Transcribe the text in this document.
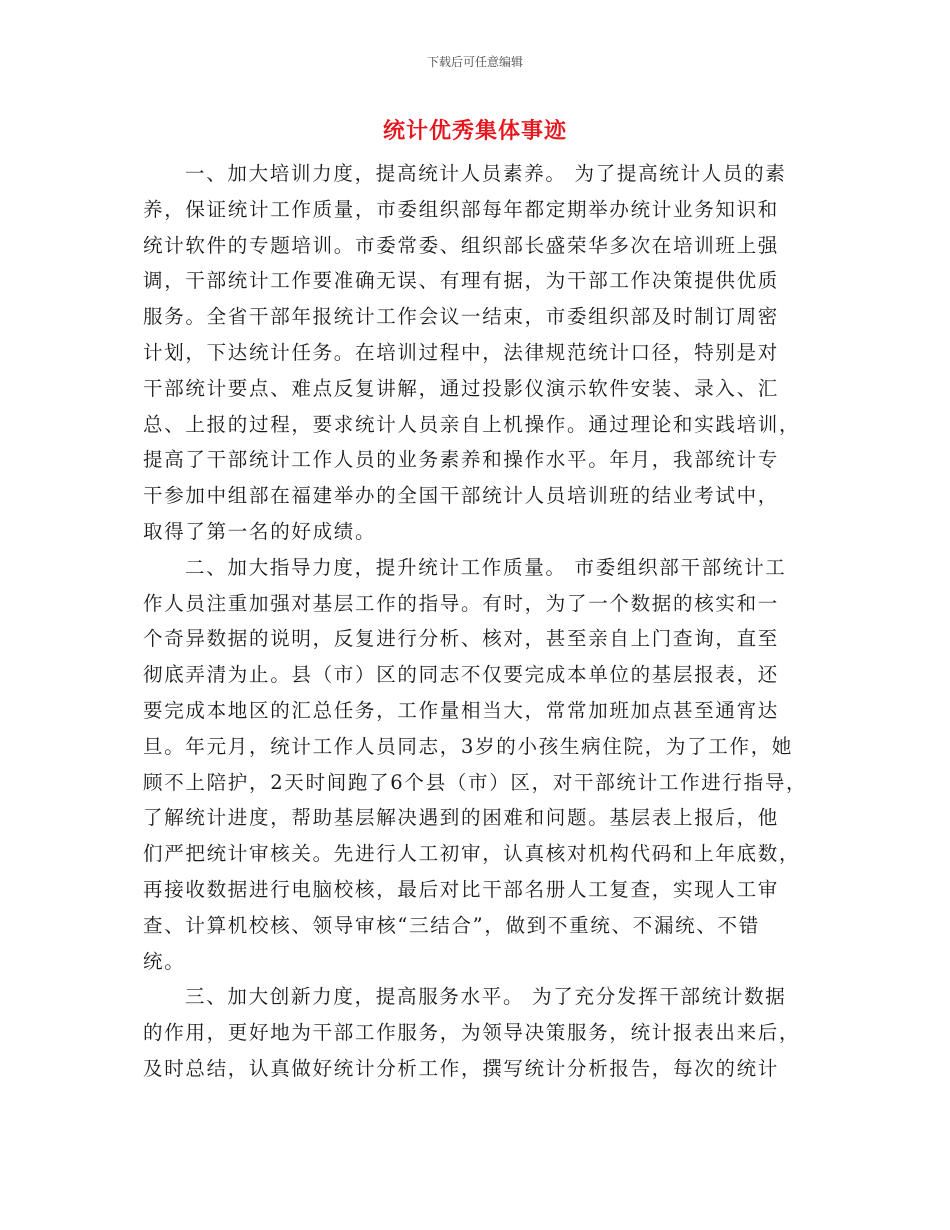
下载后可任意编辑
统计优秀集体事迹
一、加大培训力度，提高统计人员素养。 为了提高统计人员的素
养，保证统计工作质量，市委组织部每年都定期举办统计业务知识和
统计软件的专题培训。市委常委、组织部长盛荣华多次在培训班上强
调，干部统计工作要准确无误、有理有据，为干部工作决策提供优质
服务。全省干部年报统计工作会议一结束，市委组织部及时制订周密
计划，下达统计任务。在培训过程中，法律规范统计口径，特别是对
干部统计要点、难点反复讲解，通过投影仪演示软件安装、录入、汇
总、上报的过程，要求统计人员亲自上机操作。通过理论和实践培训，
提高了干部统计工作人员的业务素养和操作水平。年月，我部统计专
干参加中组部在福建举办的全国干部统计人员培训班的结业考试中，
取得了第一名的好成绩。
二、加大指导力度，提升统计工作质量。 市委组织部干部统计工
作人员注重加强对基层工作的指导。有时，为了一个数据的核实和一
个奇异数据的说明，反复进行分析、核对，甚至亲自上门查询，直至
彻底弄清为止。县（市）区的同志不仅要完成本单位的基层报表，还
要完成本地区的汇总任务，工作量相当大，常常加班加点甚至通宵达
旦。年元月，统计工作人员同志，3岁的小孩生病住院，为了工作，她
顾不上陪护，2天时间跑了6个县（市）区，对干部统计工作进行指导，
了解统计进度，帮助基层解决遇到的困难和问题。基层表上报后，他
们严把统计审核关。先进行人工初审，认真核对机构代码和上年底数，
再接收数据进行电脑校核，最后对比干部名册人工复查，实现人工审
查、计算机校核、领导审核“三结合”，做到不重统、不漏统、不错
统。
三、加大创新力度，提高服务水平。 为了充分发挥干部统计数据
的作用，更好地为干部工作服务，为领导决策服务，统计报表出来后，
及时总结，认真做好统计分析工作，撰写统计分析报告，每次的统计
